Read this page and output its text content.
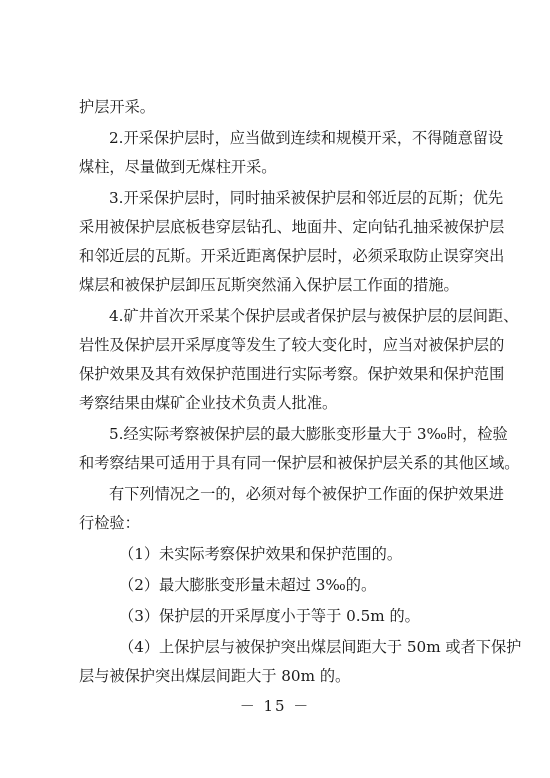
护层开采。
2.开采保护层时，应当做到连续和规模开采，不得随意留设
煤柱，尽量做到无煤柱开采。
3.开采保护层时，同时抽采被保护层和邻近层的瓦斯；优先
采用被保护层底板巷穿层钻孔、地面井、定向钻孔抽采被保护层
和邻近层的瓦斯。开采近距离保护层时，必须采取防止误穿突出
煤层和被保护层卸压瓦斯突然涌入保护层工作面的措施。
4.矿井首次开采某个保护层或者保护层与被保护层的层间距、
岩性及保护层开采厚度等发生了较大变化时，应当对被保护层的
保护效果及其有效保护范围进行实际考察。保护效果和保护范围
考察结果由煤矿企业技术负责人批准。
5.经实际考察被保护层的最大膨胀变形量大于 3‰时，检验
和考察结果可适用于具有同一保护层和被保护层关系的其他区域。
有下列情况之一的，必须对每个被保护工作面的保护效果进
行检验：
（1）未实际考察保护效果和保护范围的。
（2）最大膨胀变形量未超过 3‰的。
（3）保护层的开采厚度小于等于 0.5m 的。
（4）上保护层与被保护突出煤层间距大于 50m 或者下保护
层与被保护突出煤层间距大于 80m 的。
－ 15 －
